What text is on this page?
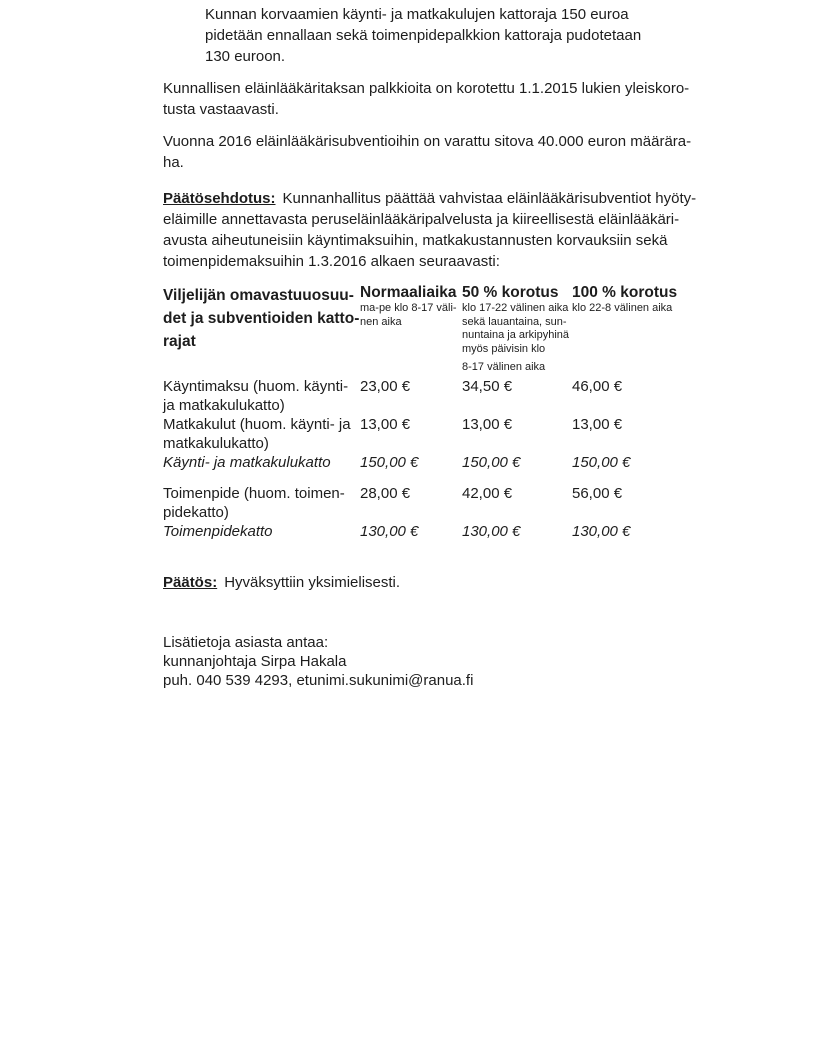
Kunnan korvaamien käynti- ja matkakulujen kattoraja 150 euroa
pidetään ennallaan sekä toimenpidepalkkion kattoraja pudotetaan
130 euroon.
Kunnallisen eläinlääkäritaksan palkkioita on korotettu 1.1.2015 lukien yleiskoro-
tusta vastaavasti.
Vuonna 2016 eläinlääkärisubventioihin on varattu sitova 40.000 euron määrära-
ha.
Päätösehdotus: Kunnanhallitus päättää vahvistaa eläinlääkärisubventiot hyöty-
eläimille annettavasta peruseläinlääkäripalvelusta ja kiireellisestä eläinlääkäri-
avusta aiheutuneisiin käyntimaksuihin, matkakustannusten korvauksiin sekä
toimenpidemaksuihin 1.3.2016 alkaen seuraavasti:
Viljelijän omavastuuosuu-
det ja subventioiden katto-
rajat
Normaaliaika
ma-pe klo 8-17 väli-
nen aika
50 % korotus
klo 17-22 välinen aika
sekä lauantaina, sun-
nuntaina ja arkipyhinä
myös päivisin klo
8-17 välinen aika
100 % korotus
klo 22-8 välinen aika
Käyntimaksu (huom. käynti-
ja matkakulukatto)
23,00 €	34,50 €	46,00 €
Matkakulut (huom. käynti- ja
matkakulukatto)
13,00 €	13,00 €	13,00 €
Käynti- ja matkakulukatto	150,00 €	150,00 €	150,00 €
Toimenpide (huom. toimen-
pidekatto)
28,00 €	42,00 €	56,00 €
Toimenpidekatto	130,00 €	130,00 €	130,00 €
Päätös: Hyväksyttiin yksimielisesti.
Lisätietoja asiasta antaa:
kunnanjohtaja Sirpa Hakala
puh. 040 539 4293, etunimi.sukunimi@ranua.fi
